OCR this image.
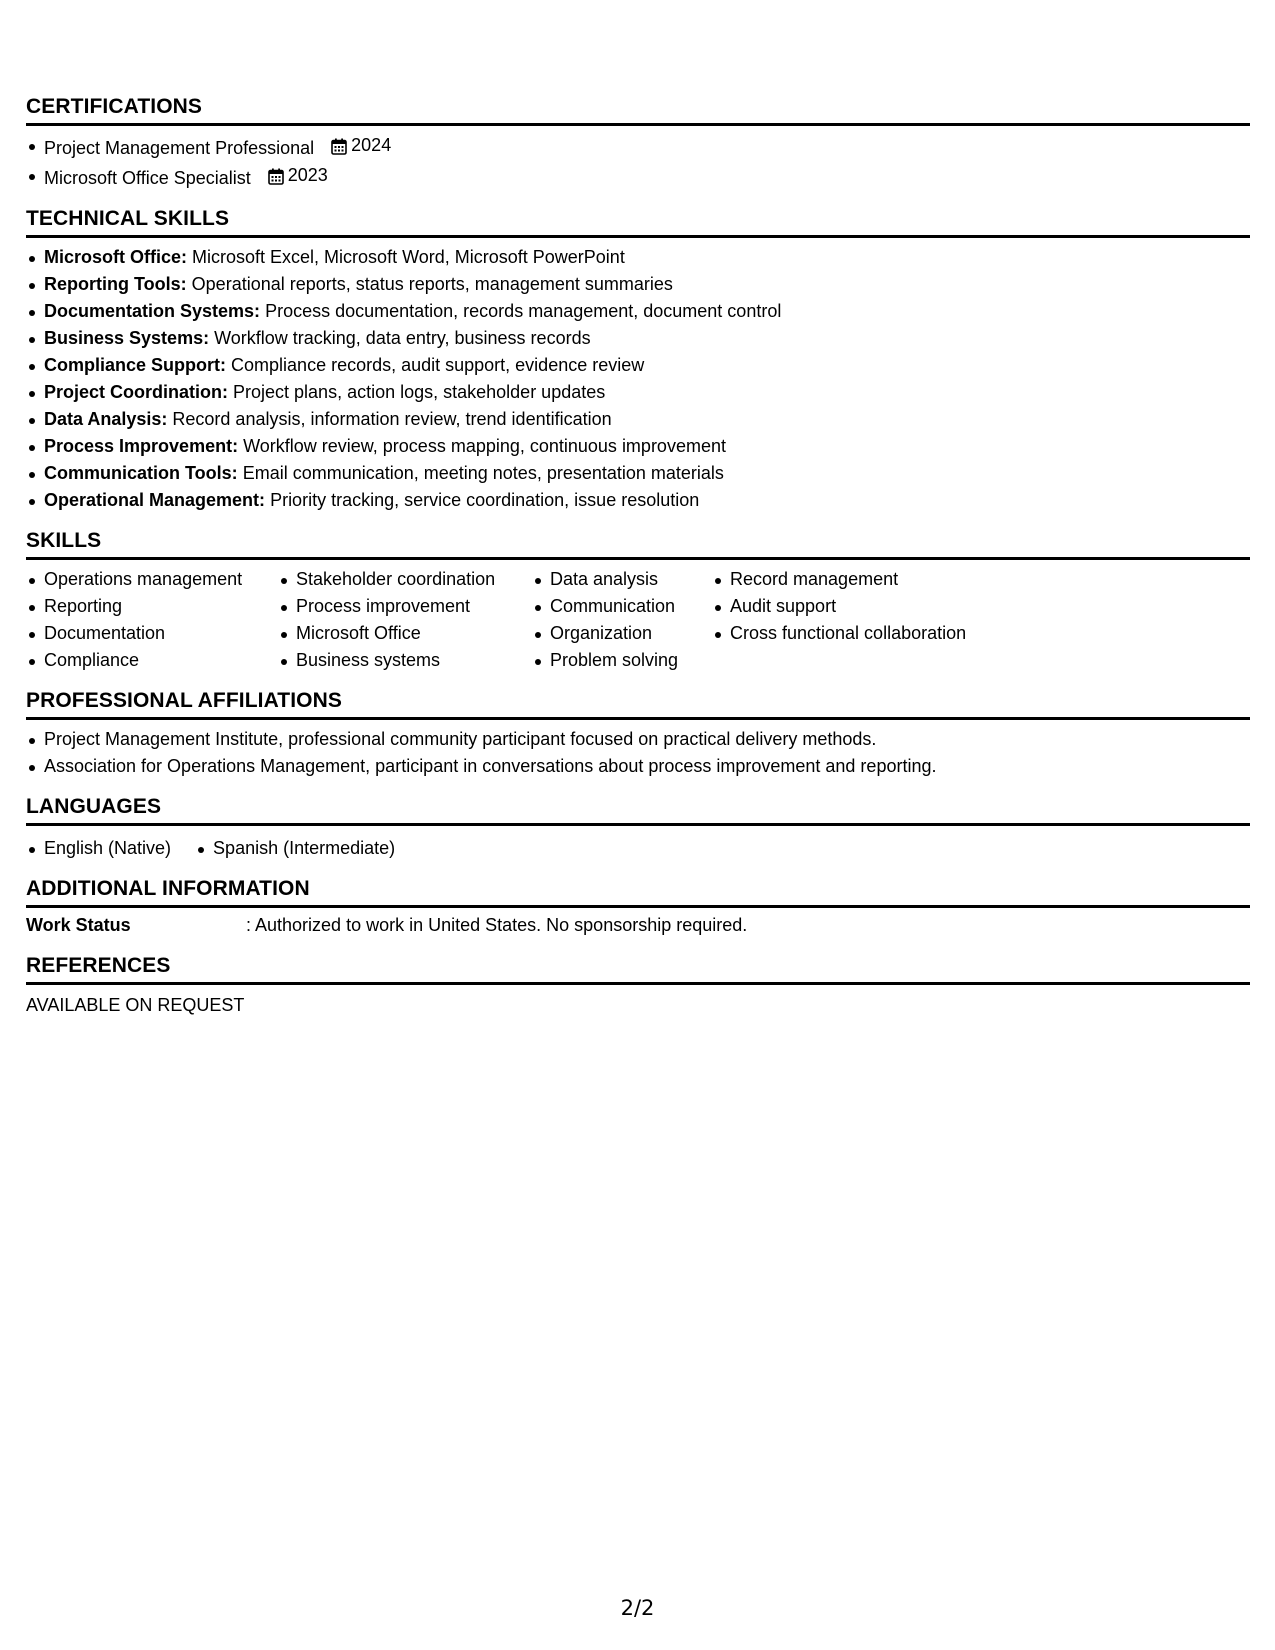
CERTIFICATIONS
Project Management Professional 2024
Microsoft Office Specialist 2023
TECHNICAL SKILLS
Microsoft Office: Microsoft Excel, Microsoft Word, Microsoft PowerPoint
Reporting Tools: Operational reports, status reports, management summaries
Documentation Systems: Process documentation, records management, document control
Business Systems: Workflow tracking, data entry, business records
Compliance Support: Compliance records, audit support, evidence review
Project Coordination: Project plans, action logs, stakeholder updates
Data Analysis: Record analysis, information review, trend identification
Process Improvement: Workflow review, process mapping, continuous improvement
Communication Tools: Email communication, meeting notes, presentation materials
Operational Management: Priority tracking, service coordination, issue resolution
SKILLS
Operations management
Reporting
Documentation
Compliance
Stakeholder coordination
Process improvement
Microsoft Office
Business systems
Data analysis
Communication
Organization
Problem solving
Record management
Audit support
Cross functional collaboration
PROFESSIONAL AFFILIATIONS
Project Management Institute, professional community participant focused on practical delivery methods.
Association for Operations Management, participant in conversations about process improvement and reporting.
LANGUAGES
English (Native)	Spanish (Intermediate)
ADDITIONAL INFORMATION
Work Status	: Authorized to work in United States. No sponsorship required.
REFERENCES
AVAILABLE ON REQUEST
2/2
